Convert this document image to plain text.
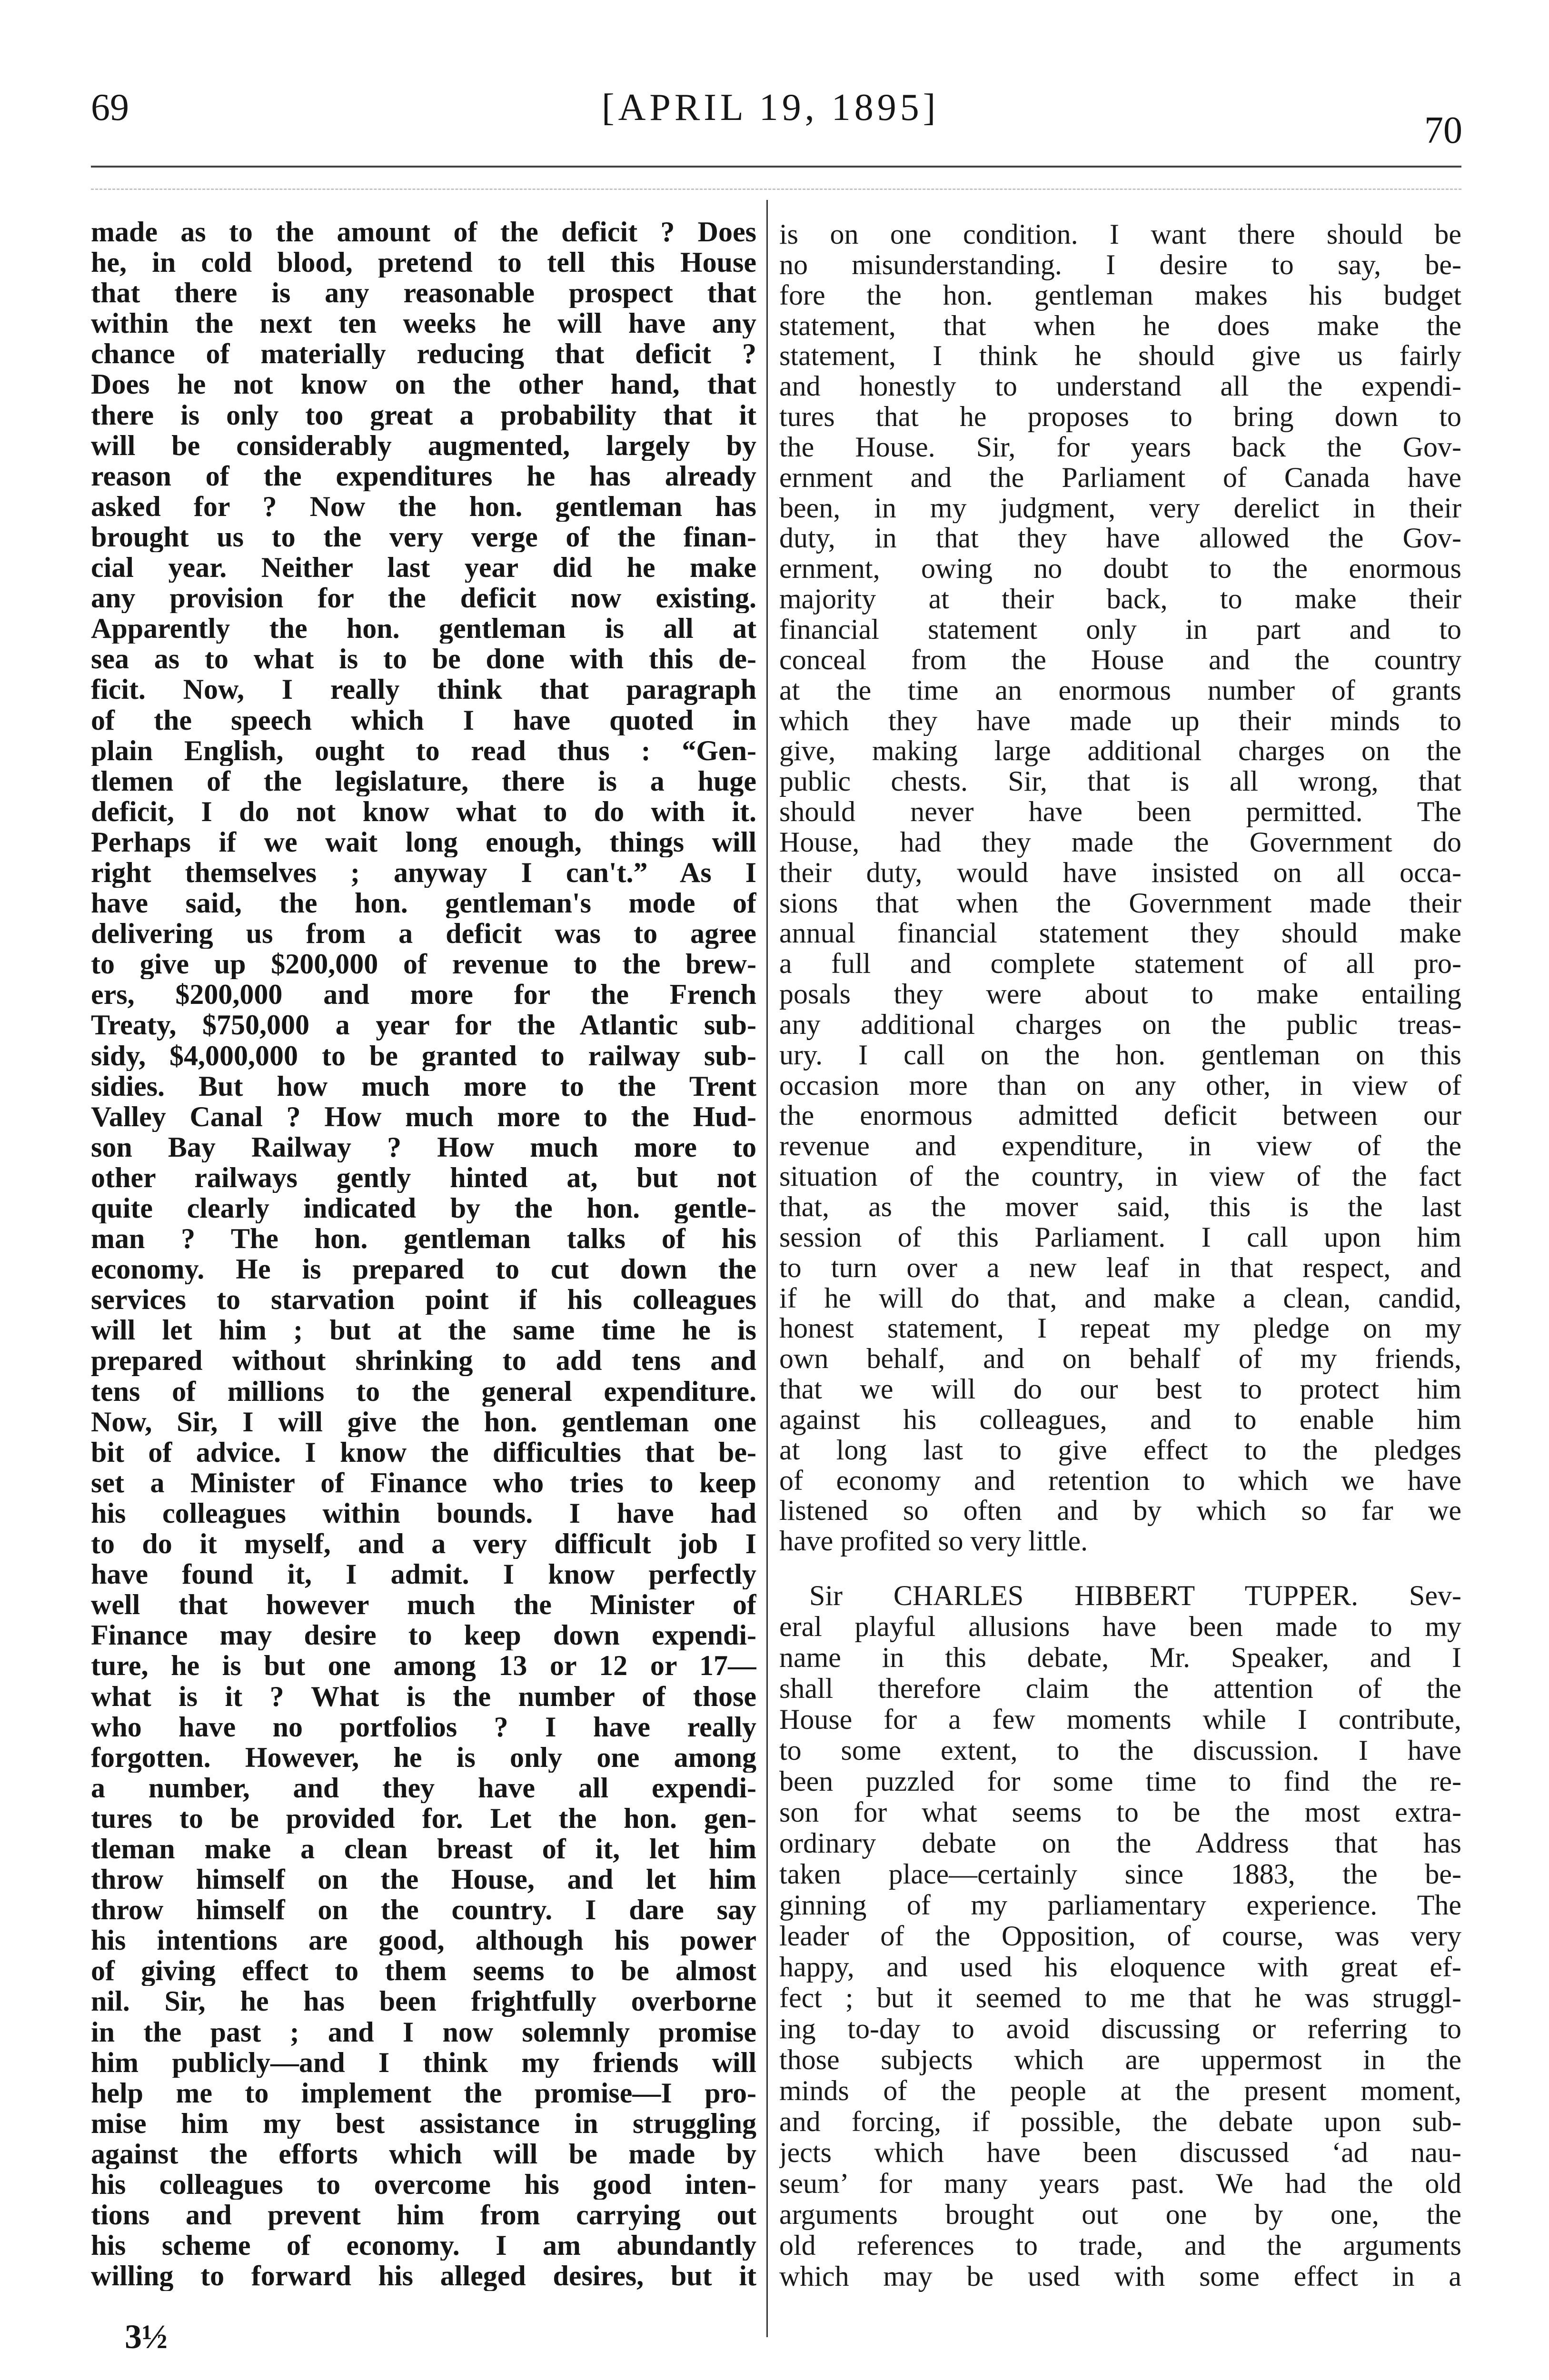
69	[APRIL 19, 1895]
70
made as to the amount of the deficit ? Does
he, in cold blood, pretend to tell this House
that there is any reasonable prospect that
within the next ten weeks he will have any
chance of materially reducing that deficit ?
Does he not know on the other hand, that
there is only too great a probability that it
will be considerably augmented, largely by
reason of the expenditures he has already
asked for ? Now the hon. gentleman has
brought us to the very verge of the finan-
cial year. Neither last year did he make
any provision for the deficit now existing.
Apparently the hon. gentleman is all at
sea as to what is to be done with this de-
ficit. Now, I really think that paragraph
of the speech which I have quoted in
plain English, ought to read thus : “Gen-
tlemen of the legislature, there is a huge
deficit, I do not know what to do with it.
Perhaps if we wait long enough, things will
right themselves ; anyway I can't.” As I
have said, the hon. gentleman's mode of
delivering us from a deficit was to agree
to give up $200,000 of revenue to the brew-
ers, $200,000 and more for the French
Treaty, $750,000 a year for the Atlantic sub-
sidy, $4,000,000 to be granted to railway sub-
sidies. But how much more to the Trent
Valley Canal ? How much more to the Hud-
son Bay Railway ? How much more to
other railways gently hinted at, but not
quite clearly indicated by the hon. gentle-
man ? The hon. gentleman talks of his
economy. He is prepared to cut down the
services to starvation point if his colleagues
will let him ; but at the same time he is
prepared without shrinking to add tens and
tens of millions to the general expenditure.
Now, Sir, I will give the hon. gentleman one
bit of advice. I know the difficulties that be-
set a Minister of Finance who tries to keep
his colleagues within bounds. I have had
to do it myself, and a very difficult job I
have found it, I admit. I know perfectly
well that however much the Minister of
Finance may desire to keep down expendi-
ture, he is but one among 13 or 12 or 17—
what is it ? What is the number of those
who have no portfolios ? I have really
forgotten. However, he is only one among
a number, and they have all expendi-
tures to be provided for. Let the hon. gen-
tleman make a clean breast of it, let him
throw himself on the House, and let him
throw himself on the country. I dare say
his intentions are good, although his power
of giving effect to them seems to be almost
nil. Sir, he has been frightfully overborne
in the past ; and I now solemnly promise
him publicly—and I think my friends will
help me to implement the promise—I pro-
mise him my best assistance in struggling
against the efforts which will be made by
his colleagues to overcome his good inten-
tions and prevent him from carrying out
his scheme of economy. I am abundantly
willing to forward his alleged desires, but it
is on one condition. I want there should be
no misunderstanding. I desire to say, be-
fore the hon. gentleman makes his budget
statement, that when he does make the
statement, I think he should give us fairly
and honestly to understand all the expendi-
tures that he proposes to bring down to
the House. Sir, for years back the Gov-
ernment and the Parliament of Canada have
been, in my judgment, very derelict in their
duty, in that they have allowed the Gov-
ernment, owing no doubt to the enormous
majority at their back, to make their
financial statement only in part and to
conceal from the House and the country
at the time an enormous number of grants
which they have made up their minds to
give, making large additional charges on the
public chests. Sir, that is all wrong, that
should never have been permitted. The
House, had they made the Government do
their duty, would have insisted on all occa-
sions that when the Government made their
annual financial statement they should make
a full and complete statement of all pro-
posals they were about to make entailing
any additional charges on the public treas-
ury. I call on the hon. gentleman on this
occasion more than on any other, in view of
the enormous admitted deficit between our
revenue and expenditure, in view of the
situation of the country, in view of the fact
that, as the mover said, this is the last
session of this Parliament. I call upon him
to turn over a new leaf in that respect, and
if he will do that, and make a clean, candid,
honest statement, I repeat my pledge on my
own behalf, and on behalf of my friends,
that we will do our best to protect him
against his colleagues, and to enable him
at long last to give effect to the pledges
of economy and retention to which we have
listened so often and by which so far we
have profited so very little.
Sir CHARLES HIBBERT TUPPER. Sev-
eral playful allusions have been made to my
name in this debate, Mr. Speaker, and I
shall therefore claim the attention of the
House for a few moments while I contribute,
to some extent, to the discussion. I have
been puzzled for some time to find the re-
son for what seems to be the most extra-
ordinary debate on the Address that has
taken place—certainly since 1883, the be-
ginning of my parliamentary experience. The
leader of the Opposition, of course, was very
happy, and used his eloquence with great ef-
fect ; but it seemed to me that he was struggl-
ing to-day to avoid discussing or referring to
those subjects which are uppermost in the
minds of the people at the present moment,
and forcing, if possible, the debate upon sub-
jects which have been discussed ‘ad nau-
seum’ for many years past. We had the old
arguments brought out one by one, the
old references to trade, and the arguments
which may be used with some effect in a
3½
